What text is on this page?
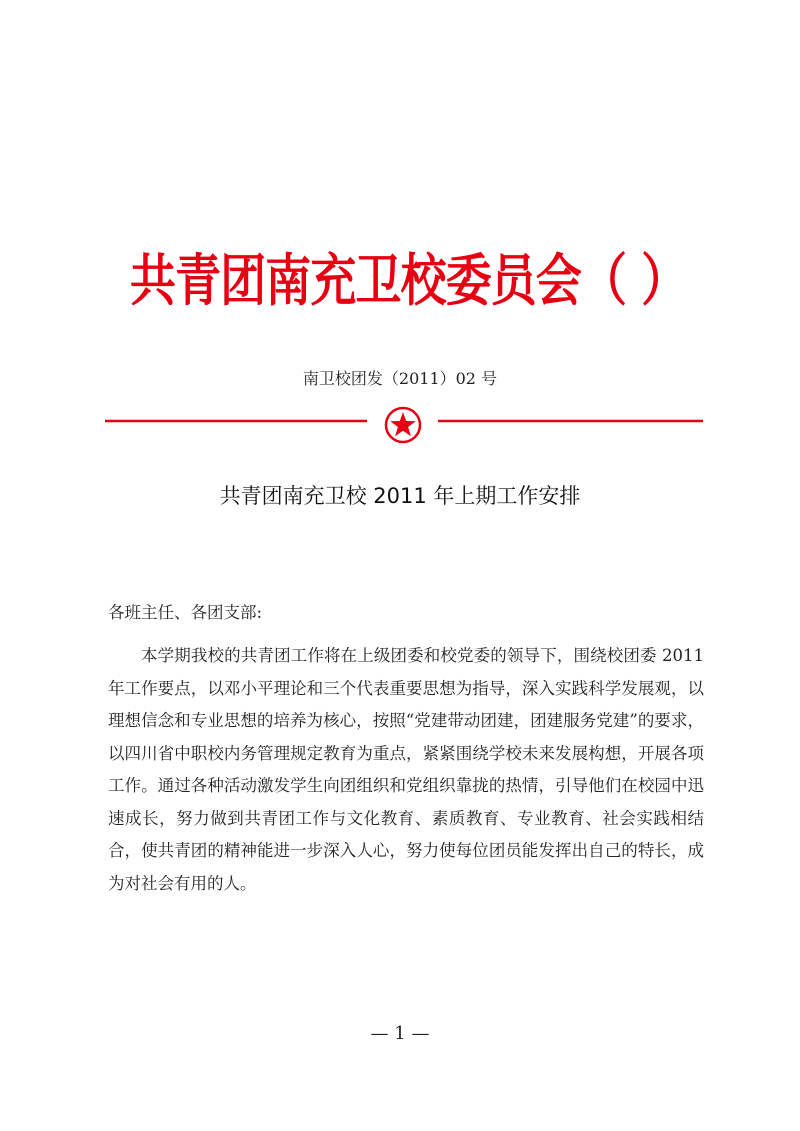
共青团南充卫校委员会（ ）
南卫校团发（2011）02 号
共青团南充卫校 2011 年上期工作安排
各班主任、各团支部:

本学期我校的共青团工作将在上级团委和校党委的领导下，围绕校团委 2011 年工作要点，以邓小平理论和三个代表重要思想为指导，深入实践科学发展观，以理想信念和专业思想的培养为核心，按照“党建带动团建，团建服务党建”的要求，以四川省中职校内务管理规定教育为重点，紧紧围绕学校未来发展构想，开展各项工作。通过各种活动激发学生向团组织和党组织靠拢的热情，引导他们在校园中迅速成长，努力做到共青团工作与文化教育、素质教育、专业教育、社会实践相结合，使共青团的精神能进一步深入人心，努力使每位团员能发挥出自己的特长，成为对社会有用的人。

— 1 —
